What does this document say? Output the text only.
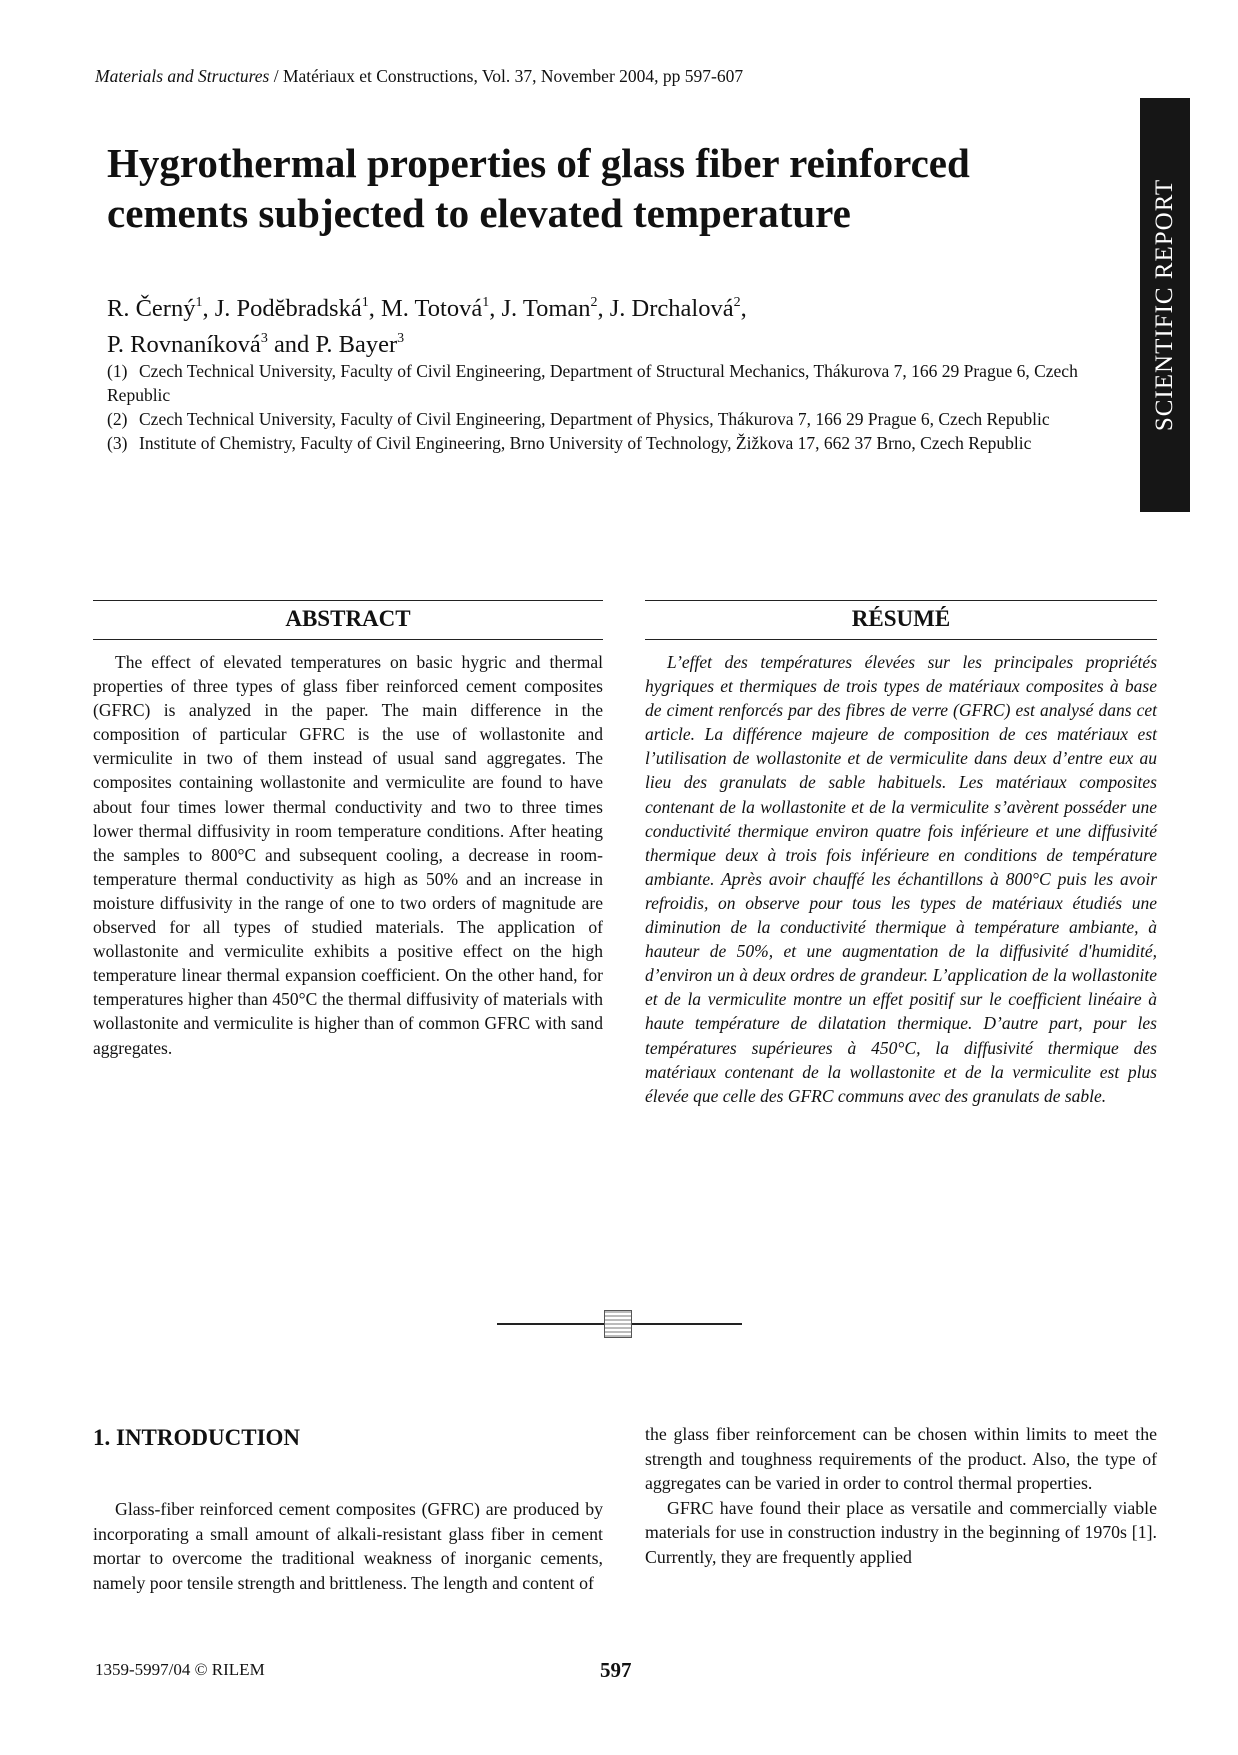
Materials and Structures / Matériaux et Constructions, Vol. 37, November 2004, pp 597-607
SCIENTIFIC REPORT
Hygrothermal properties of glass fiber reinforced
cements subjected to elevated temperature
R. Černý$^1$, J. Podĕbradská$^1$, M. Totová$^1$, J. Toman$^2$, J. Drchalová$^2$,
P. Rovnaníková$^3$ and P. Bayer$^3$
(1) Czech Technical University, Faculty of Civil Engineering, Department of Structural Mechanics, Thákurova 7, 166 29 Prague 6, Czech Republic
(2) Czech Technical University, Faculty of Civil Engineering, Department of Physics, Thákurova 7, 166 29 Prague 6, Czech Republic
(3) Institute of Chemistry, Faculty of Civil Engineering, Brno University of Technology, Žižkova 17, 662 37 Brno, Czech Republic
ABSTRACT
The effect of elevated temperatures on basic hygric and thermal properties of three types of glass fiber reinforced cement composites (GFRC) is analyzed in the paper. The main difference in the composition of particular GFRC is the use of wollastonite and vermiculite in two of them instead of usual sand aggregates. The composites containing wollastonite and vermiculite are found to have about four times lower thermal conductivity and two to three times lower thermal diffusivity in room temperature conditions. After heating the samples to 800°C and subsequent cooling, a decrease in room-temperature thermal conductivity as high as 50% and an increase in moisture diffusivity in the range of one to two orders of magnitude are observed for all types of studied materials. The application of wollastonite and vermiculite exhibits a positive effect on the high temperature linear thermal expansion coefficient. On the other hand, for temperatures higher than 450°C the thermal diffusivity of materials with wollastonite and vermiculite is higher than of common GFRC with sand aggregates.
RÉSUMÉ
L’effet des températures élevées sur les principales propriétés hygriques et thermiques de trois types de matériaux composites à base de ciment renforcés par des fibres de verre (GFRC) est analysé dans cet article. La différence majeure de composition de ces matériaux est l’utilisation de wollastonite et de vermiculite dans deux d’entre eux au lieu des granulats de sable habituels. Les matériaux composites contenant de la wollastonite et de la vermiculite s’avèrent posséder une conductivité thermique environ quatre fois inférieure et une diffusivité thermique deux à trois fois inférieure en conditions de température ambiante. Après avoir chauffé les échantillons à 800°C puis les avoir refroidis, on observe pour tous les types de matériaux étudiés une diminution de la conductivité thermique à température ambiante, à hauteur de 50%, et une augmentation de la diffusivité d'humidité, d’environ un à deux ordres de grandeur. L’application de la wollastonite et de la vermiculite montre un effet positif sur le coefficient linéaire à haute température de dilatation thermique. D’autre part, pour les températures supérieures à 450°C, la diffusivité thermique des matériaux contenant de la wollastonite et de la vermiculite est plus élevée que celle des GFRC communs avec des granulats de sable.
1. INTRODUCTION

Glass-fiber reinforced cement composites (GFRC) are produced by incorporating a small amount of alkali-resistant glass fiber in cement mortar to overcome the traditional weakness of inorganic cements, namely poor tensile strength and brittleness. The length and content of

the glass fiber reinforcement can be chosen within limits to meet the strength and toughness requirements of the product. Also, the type of aggregates can be varied in order to control thermal properties.

GFRC have found their place as versatile and commercially viable materials for use in construction industry in the beginning of 1970s [1]. Currently, they are frequently applied

1359-5997/04 © RILEM	597
